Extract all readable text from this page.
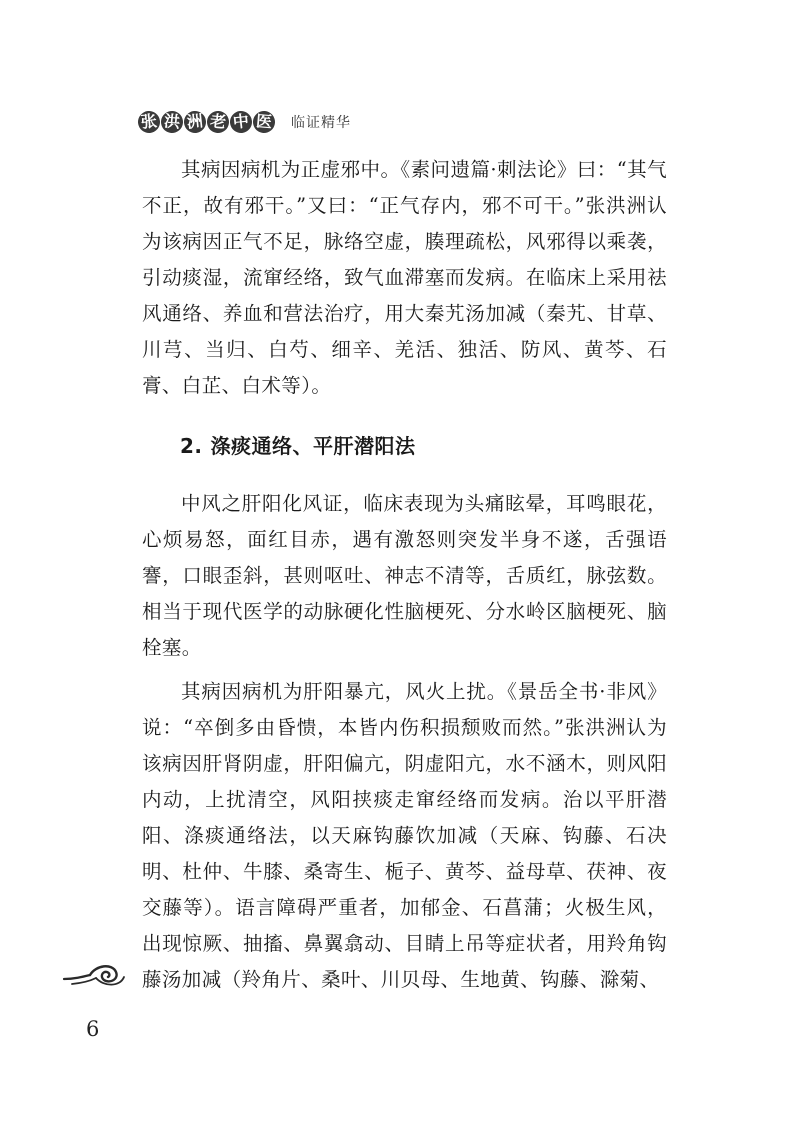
张 洪 洲 老 中 医 临证精华

其病因病机为正虚邪中。《素问遗篇·刺法论》曰：“其气不正，故有邪干。”又曰：“正气存内，邪不可干。”张洪洲认为该病因正气不足，脉络空虚，腠理疏松，风邪得以乘袭，引动痰湿，流窜经络，致气血滞塞而发病。在临床上采用祛风通络、养血和营法治疗，用大秦艽汤加减（秦艽、甘草、川芎、当归、白芍、细辛、羌活、独活、防风、黄芩、石膏、白芷、白术等）。

2. 涤痰通络、平肝潜阳法

中风之肝阳化风证，临床表现为头痛眩晕，耳鸣眼花，心烦易怒，面红目赤，遇有激怒则突发半身不遂，舌强语謇，口眼歪斜，甚则呕吐、神志不清等，舌质红，脉弦数。相当于现代医学的动脉硬化性脑梗死、分水岭区脑梗死、脑栓塞。

其病因病机为肝阳暴亢，风火上扰。《景岳全书·非风》说：“卒倒多由昏愦，本皆内伤积损颓败而然。”张洪洲认为该病因肝肾阴虚，肝阳偏亢，阴虚阳亢，水不涵木，则风阳内动，上扰清空，风阳挟痰走窜经络而发病。治以平肝潜阳、涤痰通络法，以天麻钩藤饮加减（天麻、钩藤、石决明、杜仲、牛膝、桑寄生、栀子、黄芩、益母草、茯神、夜交藤等）。语言障碍严重者，加郁金、石菖蒲；火极生风，出现惊厥、抽搐、鼻翼翕动、目睛上吊等症状者，用羚角钩藤汤加减（羚角片、桑叶、川贝母、生地黄、钩藤、滁菊、

6
